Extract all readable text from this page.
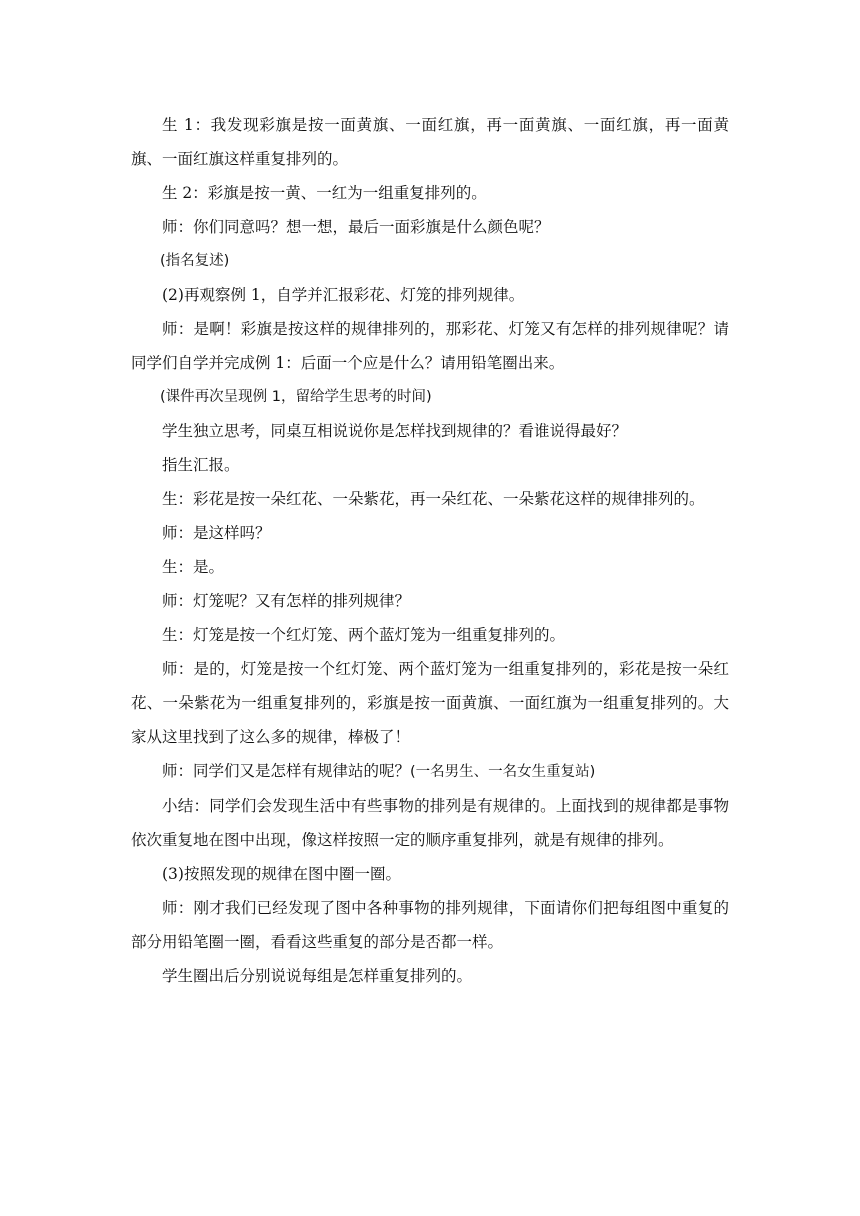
生 1：我发现彩旗是按一面黄旗、一面红旗，再一面黄旗、一面红旗，再一面黄旗、一面红旗这样重复排列的。

生 2：彩旗是按一黄、一红为一组重复排列的。

师：你们同意吗？想一想，最后一面彩旗是什么颜色呢？

(指名复述)

(2)再观察例 1，自学并汇报彩花、灯笼的排列规律。

师：是啊！彩旗是按这样的规律排列的，那彩花、灯笼又有怎样的排列规律呢？请同学们自学并完成例 1：后面一个应是什么？请用铅笔圈出来。

(课件再次呈现例 1，留给学生思考的时间)

学生独立思考，同桌互相说说你是怎样找到规律的？看谁说得最好？

指生汇报。

生：彩花是按一朵红花、一朵紫花，再一朵红花、一朵紫花这样的规律排列的。

师：是这样吗？

生：是。

师：灯笼呢？又有怎样的排列规律？

生：灯笼是按一个红灯笼、两个蓝灯笼为一组重复排列的。

师：是的，灯笼是按一个红灯笼、两个蓝灯笼为一组重复排列的，彩花是按一朵红花、一朵紫花为一组重复排列的，彩旗是按一面黄旗、一面红旗为一组重复排列的。大家从这里找到了这么多的规律，棒极了！

师：同学们又是怎样有规律站的呢？(一名男生、一名女生重复站)

小结：同学们会发现生活中有些事物的排列是有规律的。上面找到的规律都是事物依次重复地在图中出现，像这样按照一定的顺序重复排列，就是有规律的排列。

(3)按照发现的规律在图中圈一圈。

师：刚才我们已经发现了图中各种事物的排列规律，下面请你们把每组图中重复的部分用铅笔圈一圈，看看这些重复的部分是否都一样。

学生圈出后分别说说每组是怎样重复排列的。
